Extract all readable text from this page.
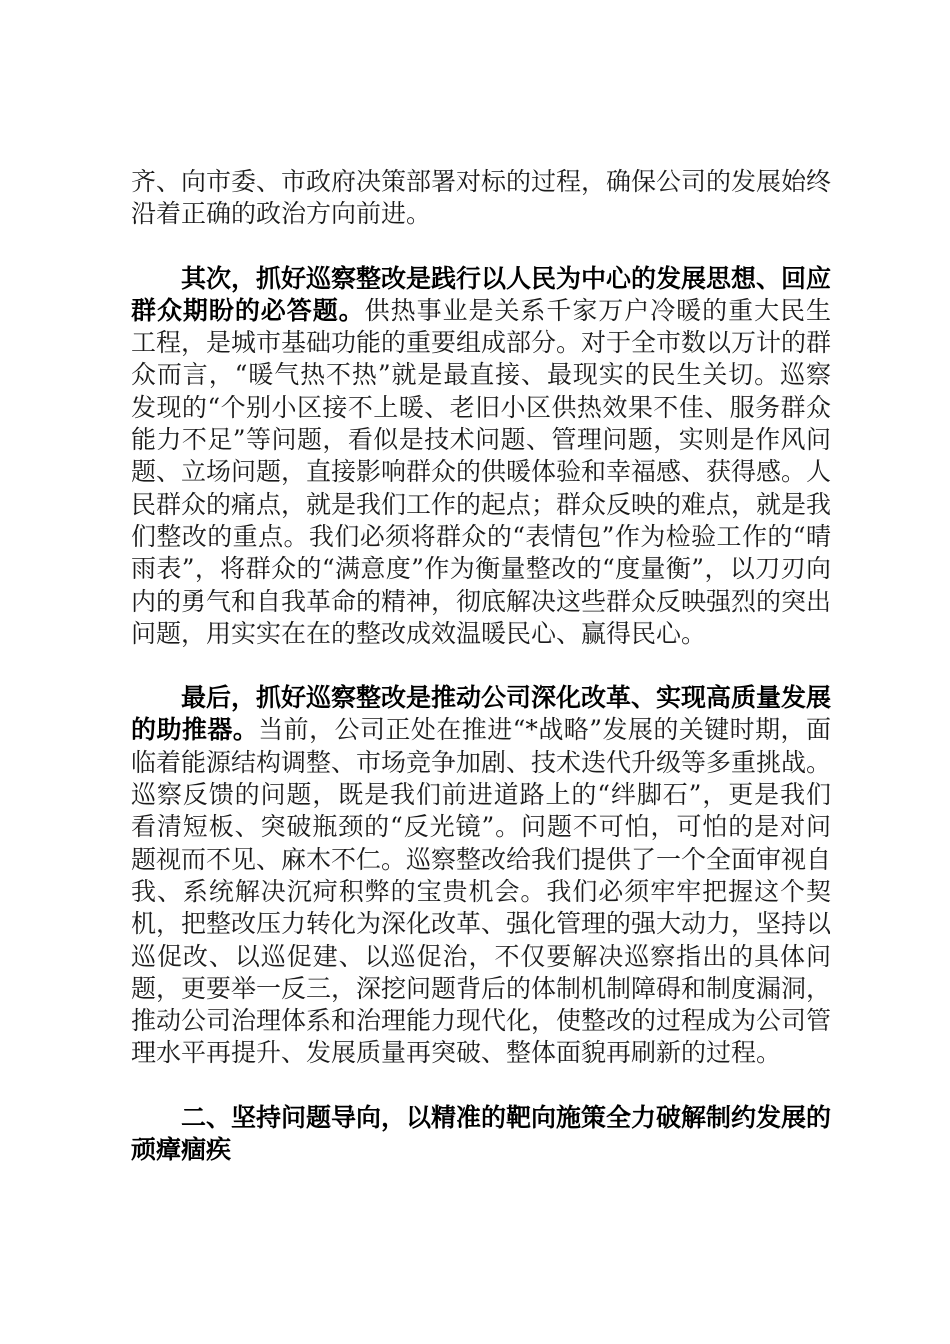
齐、向市委、市政府决策部署对标的过程，确保公司的发展始终沿着正确的政治方向前进。

其次，抓好巡察整改是践行以人民为中心的发展思想、回应群众期盼的必答题。供热事业是关系千家万户冷暖的重大民生工程，是城市基础功能的重要组成部分。对于全市数以万计的群众而言，“暖气热不热”就是最直接、最现实的民生关切。巡察发现的“个别小区接不上暖、老旧小区供热效果不佳、服务群众能力不足”等问题，看似是技术问题、管理问题，实则是作风问题、立场问题，直接影响群众的供暖体验和幸福感、获得感。人民群众的痛点，就是我们工作的起点；群众反映的难点，就是我们整改的重点。我们必须将群众的“表情包”作为检验工作的“晴雨表”，将群众的“满意度”作为衡量整改的“度量衡”，以刀刃向内的勇气和自我革命的精神，彻底解决这些群众反映强烈的突出问题，用实实在在的整改成效温暖民心、赢得民心。

最后，抓好巡察整改是推动公司深化改革、实现高质量发展的助推器。当前，公司正处在推进“*战略”发展的关键时期，面临着能源结构调整、市场竞争加剧、技术迭代升级等多重挑战。巡察反馈的问题，既是我们前进道路上的“绊脚石”，更是我们看清短板、突破瓶颈的“反光镜”。问题不可怕，可怕的是对问题视而不见、麻木不仁。巡察整改给我们提供了一个全面审视自我、系统解决沉疴积弊的宝贵机会。我们必须牢牢把握这个契机，把整改压力转化为深化改革、强化管理的强大动力，坚持以巡促改、以巡促建、以巡促治，不仅要解决巡察指出的具体问题，更要举一反三，深挖问题背后的体制机制障碍和制度漏洞，推动公司治理体系和治理能力现代化，使整改的过程成为公司管理水平再提升、发展质量再突破、整体面貌再刷新的过程。

二、坚持问题导向，以精准的靶向施策全力破解制约发展的顽瘴痼疾
